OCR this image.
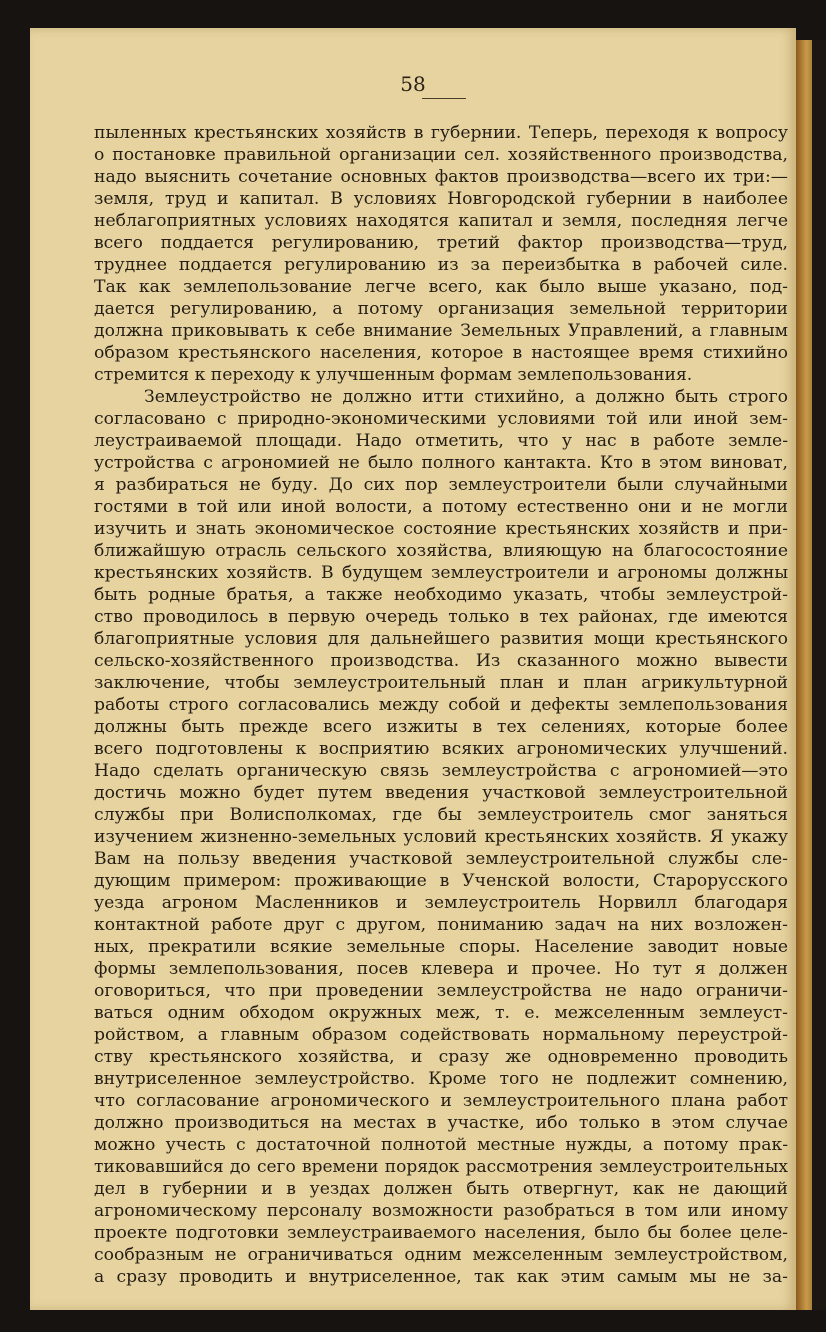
58
пыленных крестьянских хозяйств в губернии. Теперь, переходя к вопросу
о постановке правильной организации сел. хозяйственного производства,
надо выяснить сочетание основных фактов производства—всего их три:—
земля, труд и капитал. В условиях Новгородской губернии в наиболее
неблагоприятных условиях находятся капитал и земля, последняя легче
всего поддается регулированию, третий фактор производства—труд,
труднее поддается регулированию из за переизбытка в рабочей силе.
Так как землепользование легче всего, как было выше указано, под-
дается регулированию, а потому организация земельной территории
должна приковывать к себе внимание Земельных Управлений, а главным
образом крестьянского населения, которое в настоящее время стихийно
стремится к переходу к улучшенным формам землепользования.
Землеустройство не должно итти стихийно, а должно быть строго
согласовано с природно-экономическими условиями той или иной зем-
леустраиваемой площади. Надо отметить, что у нас в работе земле-
устройства с агрономией не было полного кантакта. Кто в этом виноват,
я разбираться не буду. До сих пор землеустроители были случайными
гостями в той или иной волости, а потому естественно они и не могли
изучить и знать экономическое состояние крестьянских хозяйств и при-
ближайшую отрасль сельского хозяйства, влияющую на благосостояние
крестьянских хозяйств. В будущем землеустроители и агрономы должны
быть родные братья, а также необходимо указать, чтобы землеустрой-
ство проводилось в первую очередь только в тех районах, где имеются
благоприятные условия для дальнейшего развития мощи крестьянского
сельско-хозяйственного производства. Из сказанного можно вывести
заключение, чтобы землеустроительный план и план агрикультурной
работы строго согласовались между собой и дефекты землепользования
должны быть прежде всего изжиты в тех селениях, которые более
всего подготовлены к восприятию всяких агрономических улучшений.
Надо сделать органическую связь землеустройства с агрономией—это
достичь можно будет путем введения участковой землеустроительной
службы при Волисполкомах, где бы землеустроитель смог заняться
изучением жизненно-земельных условий крестьянских хозяйств. Я укажу
Вам на пользу введения участковой землеустроительной службы сле-
дующим примером: проживающие в Ученской волости, Старорусского
уезда агроном Масленников и землеустроитель Норвилл благодаря
контактной работе друг с другом, пониманию задач на них возложен-
ных, прекратили всякие земельные споры. Население заводит новые
формы землепользования, посев клевера и прочее. Но тут я должен
оговориться, что при проведении землеустройства не надо ограничи-
ваться одним обходом окружных меж, т. е. межселенным землеуст-
ройством, а главным образом содействовать нормальному переустрой-
ству крестьянского хозяйства, и сразу же одновременно проводить
внутриселенное землеустройство. Кроме того не подлежит сомнению,
что согласование агрономического и землеустроительного плана работ
должно производиться на местах в участке, ибо только в этом случае
можно учесть с достаточной полнотой местные нужды, а потому прак-
тиковавшийся до сего времени порядок рассмотрения землеустроительных
дел в губернии и в уездах должен быть отвергнут, как не дающий
агрономическому персоналу возможности разобраться в том или иному
проекте подготовки землеустраиваемого населения, было бы более целе-
сообразным не ограничиваться одним межселенным землеустройством,
а сразу проводить и внутриселенное, так как этим самым мы не за-
